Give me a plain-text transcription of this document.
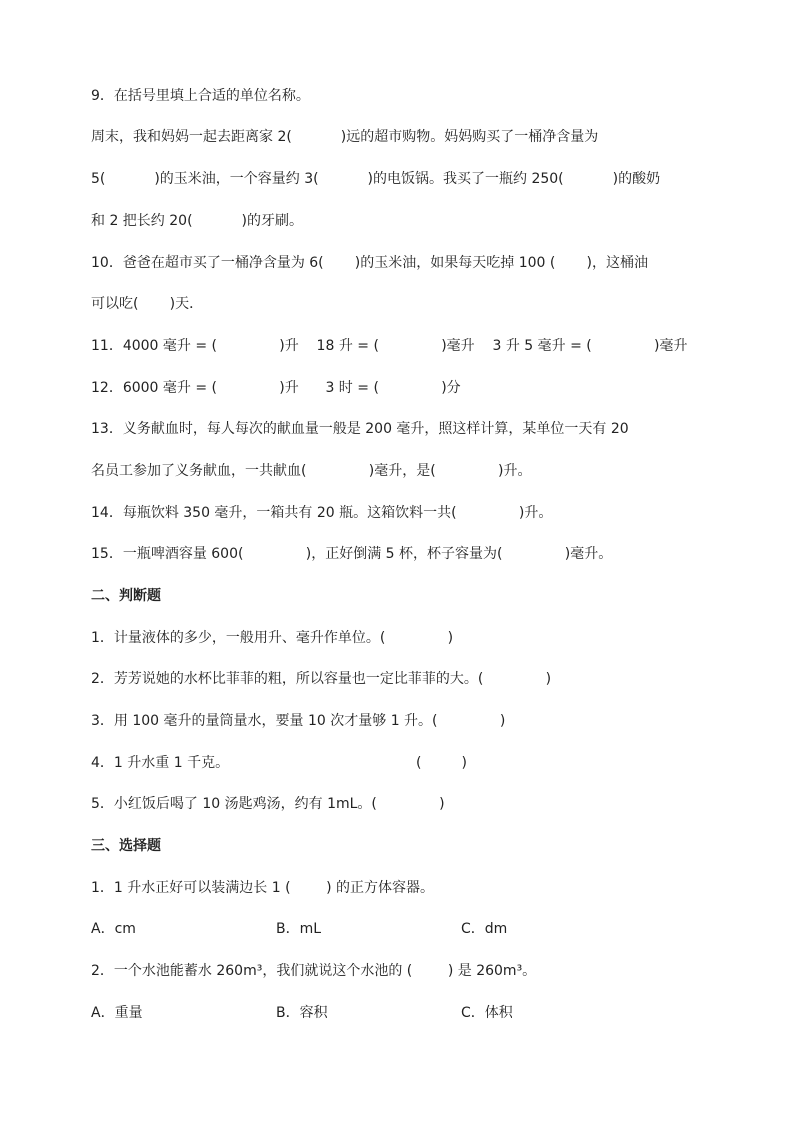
9．在括号里填上合适的单位名称。

周末，我和妈妈一起去距离家 2(           )远的超市购物。妈妈购买了一桶净含量为

5(           )的玉米油，一个容量约 3(           )的电饭锅。我买了一瓶约 250(           )的酸奶

和 2 把长约 20(           )的牙刷。

10．爸爸在超市买了一桶净含量为 6(       )的玉米油，如果每天吃掉 100 (       )，这桶油

可以吃(       )天．

11．4000 毫升 = (              )升    18 升 = (              )毫升    3 升 5 毫升 = (              )毫升

12．6000 毫升 = (              )升      3 时 = (              )分

13．义务献血时，每人每次的献血量一般是 200 毫升，照这样计算，某单位一天有 20

名员工参加了义务献血，一共献血(              )毫升，是(              )升。

14．每瓶饮料 350 毫升，一箱共有 20 瓶。这箱饮料一共(              )升。

15．一瓶啤酒容量 600(              )，正好倒满 5 杯，杯子容量为(              )毫升。

二、判断题

1．计量液体的多少，一般用升、毫升作单位。(              )

2．芳芳说她的水杯比菲菲的粗，所以容量也一定比菲菲的大。(              )

3．用 100 毫升的量筒量水，要量 10 次才量够 1 升。(              )

4．1 升水重 1 千克。                                          (         )

5．小红饭后喝了 10 汤匙鸡汤，约有 1mL。(              )

三、选择题

1．1 升水正好可以装满边长 1 (        ) 的正方体容器。

A．cm	B．mL	C．dm

2．一个水池能蓄水 260m³，我们就说这个水池的 (        ) 是 260m³。

A．重量	B．容积	C．体积
